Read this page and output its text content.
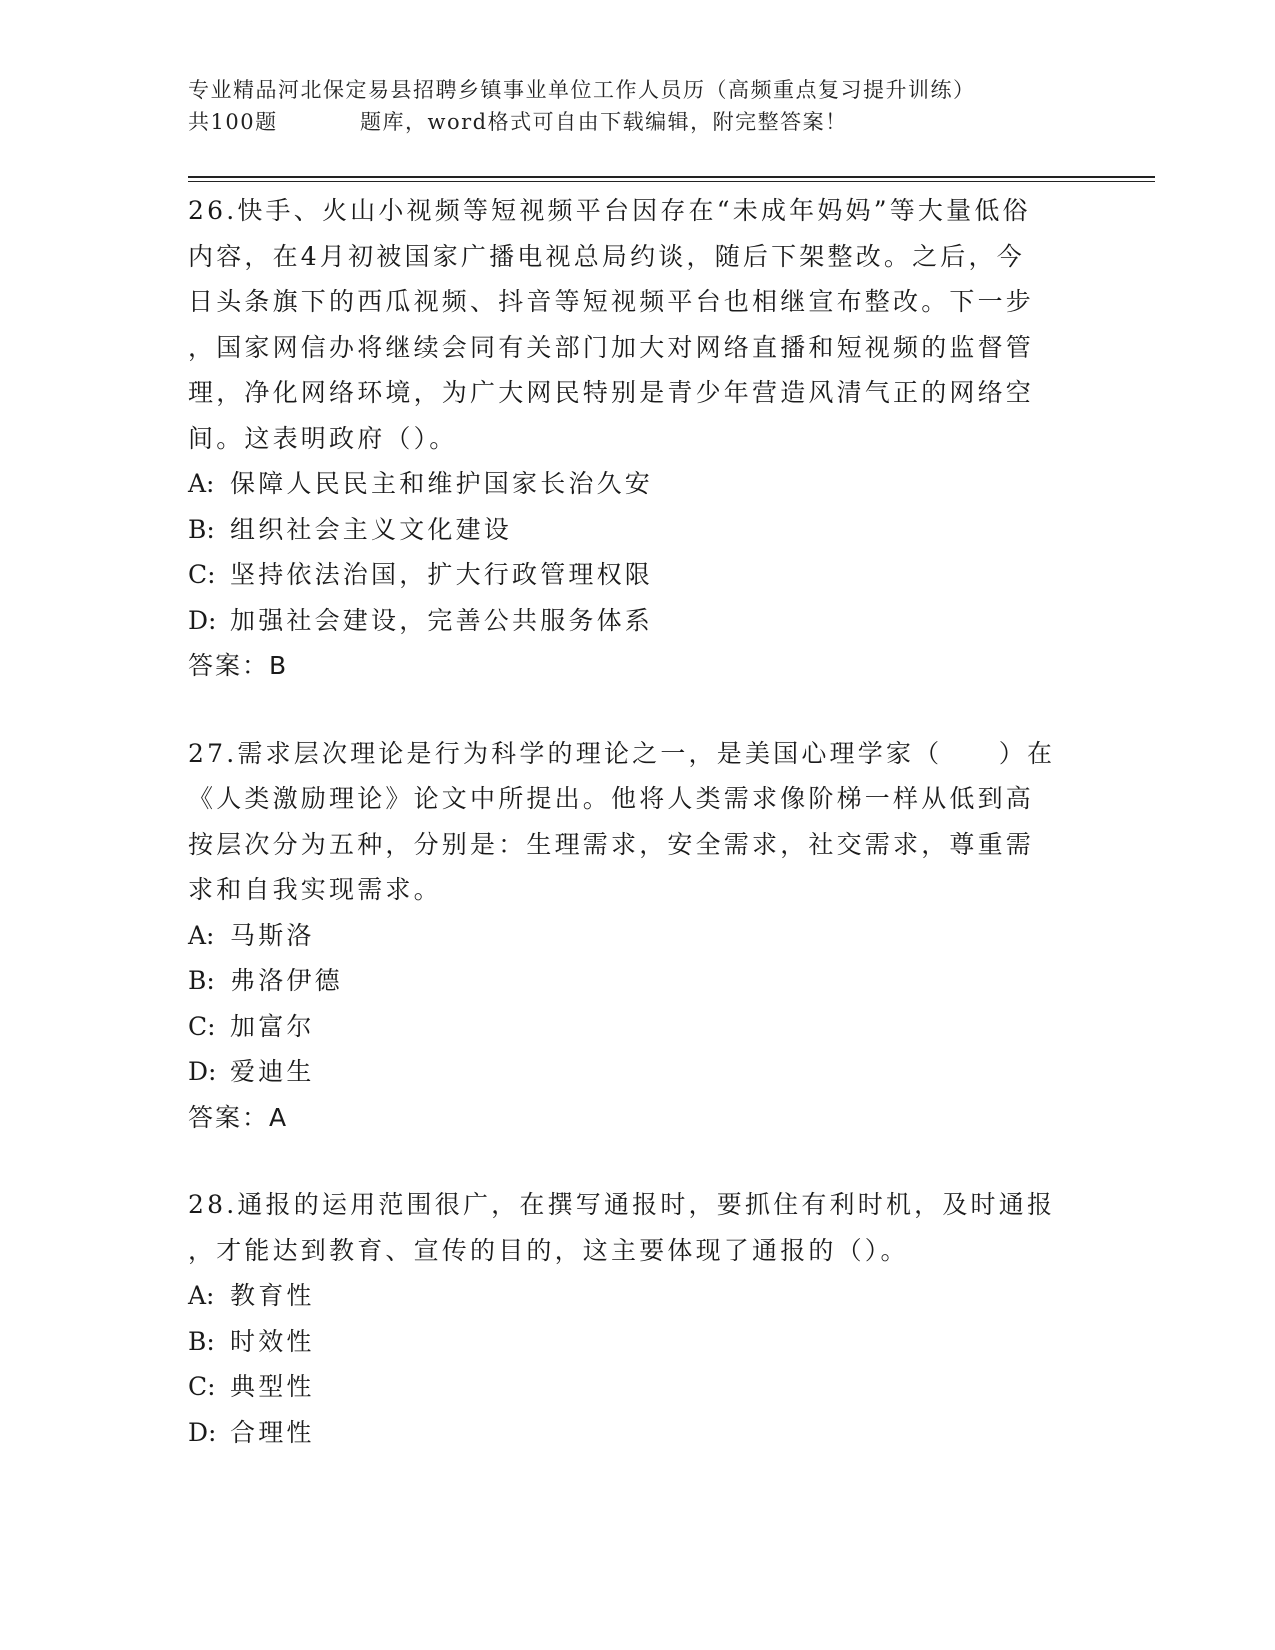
专业精品河北保定易县招聘乡镇事业单位工作人员历（高频重点复习提升训练）
共100题	题库，word格式可自由下载编辑，附完整答案！

26.快手、火山小视频等短视频平台因存在“未成年妈妈”等大量低俗

内容，在4月初被国家广播电视总局约谈，随后下架整改。之后，今

日头条旗下的西瓜视频、抖音等短视频平台也相继宣布整改。下一步

，国家网信办将继续会同有关部门加大对网络直播和短视频的监督管

理，净化网络环境，为广大网民特别是青少年营造风清气正的网络空

间。这表明政府（）。

A: 保障人民民主和维护国家长治久安
B: 组织社会主义文化建设
C: 坚持依法治国，扩大行政管理权限
D: 加强社会建设，完善公共服务体系

答案：B

27.需求层次理论是行为科学的理论之一，是美国心理学家（　　）在

《人类激励理论》论文中所提出。他将人类需求像阶梯一样从低到高

按层次分为五种，分别是：生理需求，安全需求，社交需求，尊重需

求和自我实现需求。

A: 马斯洛
B: 弗洛伊德
C: 加富尔
D: 爱迪生

答案：A

28.通报的运用范围很广，在撰写通报时，要抓住有利时机，及时通报

，才能达到教育、宣传的目的，这主要体现了通报的（）。

A: 教育性
B: 时效性
C: 典型性
D: 合理性
